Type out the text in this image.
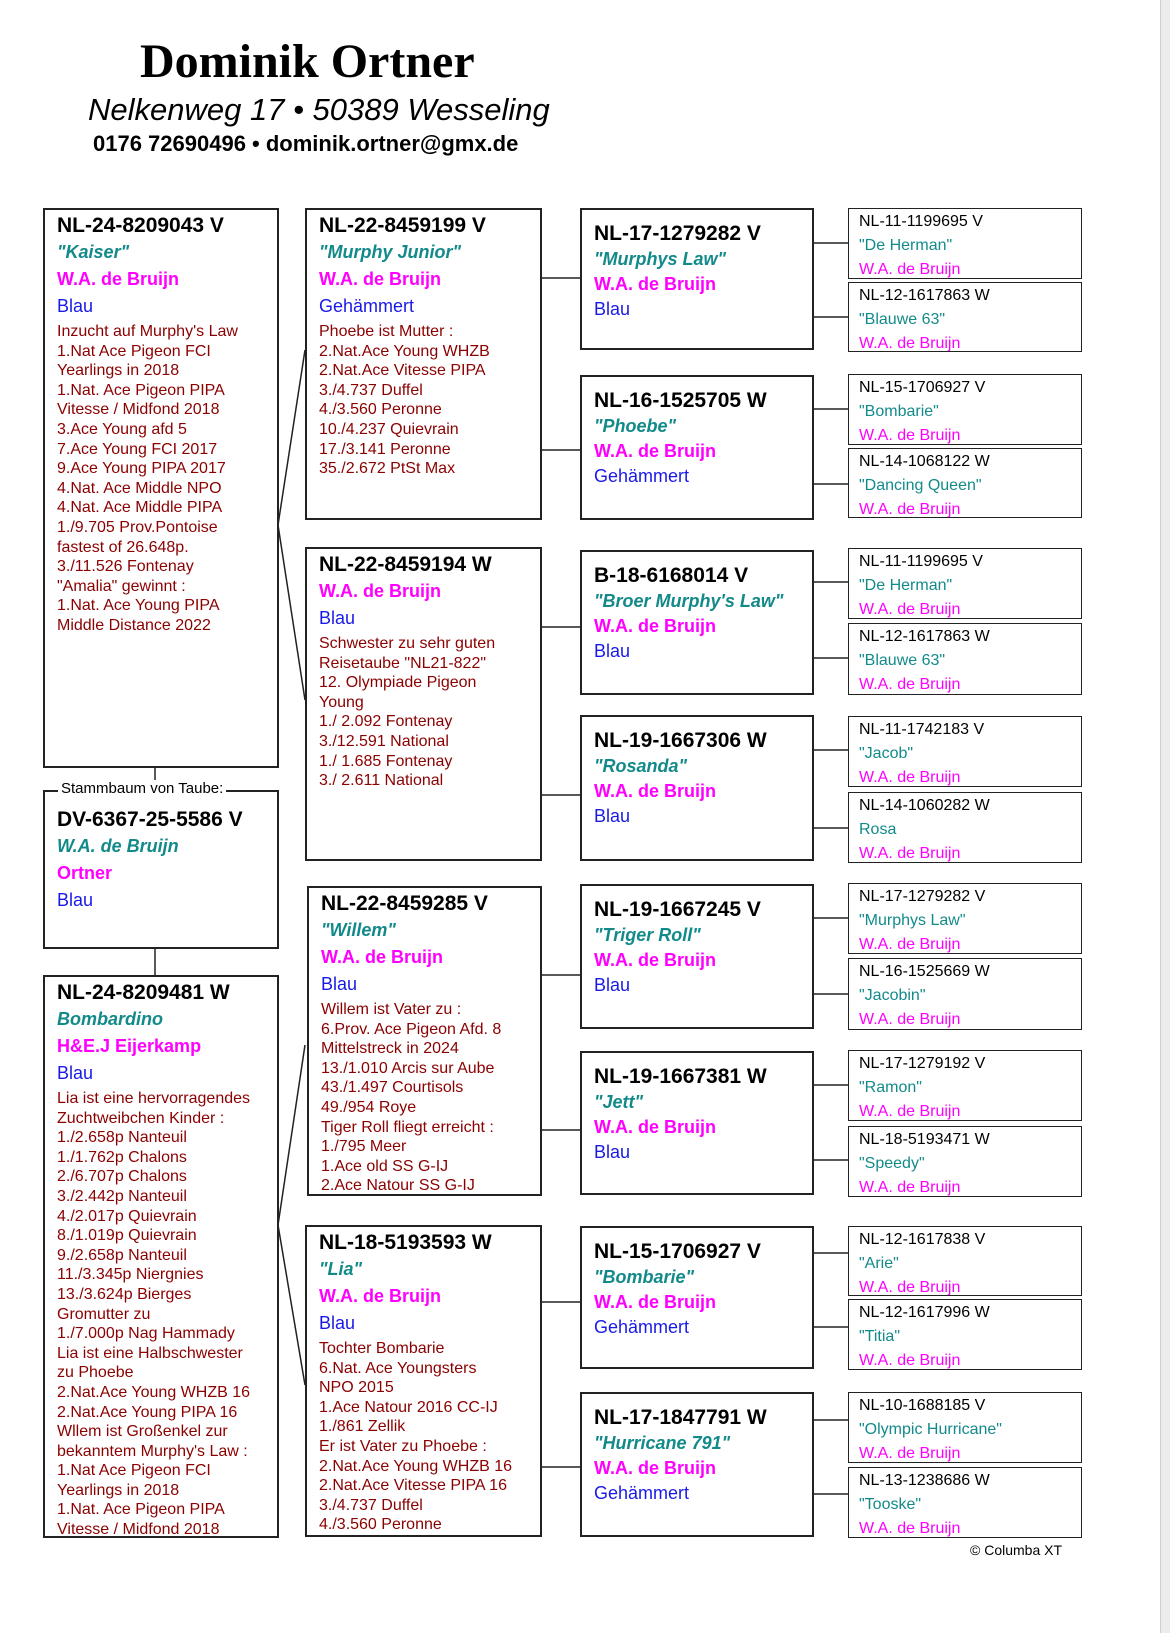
Dominik Ortner
Nelkenweg 17 • 50389 Wesseling
0176 72690496 • dominik.ortner@gmx.de
NL-24-8209043 V
"Kaiser"
W.A. de Bruijn
Blau
Inzucht auf Murphy's Law
1.Nat Ace Pigeon FCI
Yearlings in 2018
1.Nat. Ace Pigeon PIPA
Vitesse / Midfond 2018
3.Ace Young afd 5
7.Ace Young FCI 2017
9.Ace Young PIPA 2017
4.Nat. Ace Middle NPO
4.Nat. Ace Middle PIPA
1./9.705 Prov.Pontoise
fastest of 26.648p.
3./11.526 Fontenay
"Amalia" gewinnt :
1.Nat. Ace Young PIPA
Middle Distance 2022
DV-6367-25-5586 V
W.A. de Bruijn
Ortner
Blau
Stammbaum von Taube:
NL-24-8209481 W
Bombardino
H&E.J Eijerkamp
Blau
Lia ist eine hervorragendes
Zuchtweibchen Kinder :
1./2.658p Nanteuil
1./1.762p Chalons
2./6.707p Chalons
3./2.442p Nanteuil
4./2.017p Quievrain
8./1.019p Quievrain
9./2.658p Nanteuil
11./3.345p Niergnies
13./3.624p Bierges
Gromutter zu
1./7.000p Nag Hammady
Lia ist eine Halbschwester
zu Phoebe
2.Nat.Ace Young WHZB 16
2.Nat.Ace Young PIPA 16
Wllem ist Großenkel zur
bekanntem Murphy's Law :
1.Nat Ace Pigeon FCI
Yearlings in 2018
1.Nat. Ace Pigeon PIPA
Vitesse / Midfond 2018
NL-22-8459199 V
"Murphy Junior"
W.A. de Bruijn
Gehämmert
Phoebe ist Mutter :
2.Nat.Ace Young WHZB
2.Nat.Ace Vitesse PIPA
3./4.737 Duffel
4./3.560 Peronne
10./4.237 Quievrain
17./3.141 Peronne
35./2.672 PtSt Max
NL-22-8459194 W
W.A. de Bruijn
Blau
Schwester zu sehr guten
Reisetaube "NL21-822"
12. Olympiade Pigeon
Young
1./ 2.092 Fontenay
3./12.591 National
1./ 1.685 Fontenay
3./ 2.611 National
NL-22-8459285 V
"Willem"
W.A. de Bruijn
Blau
Willem ist Vater zu :
6.Prov. Ace Pigeon Afd. 8
Mittelstreck in 2024
13./1.010 Arcis sur Aube
43./1.497 Courtisols
49./954 Roye
Tiger Roll fliegt erreicht :
1./795 Meer
1.Ace old SS G-IJ
2.Ace Natour SS G-IJ
NL-18-5193593 W
"Lia"
W.A. de Bruijn
Blau
Tochter Bombarie
6.Nat. Ace Youngsters
NPO 2015
1.Ace Natour 2016 CC-IJ
1./861 Zellik
Er ist Vater zu Phoebe :
2.Nat.Ace Young WHZB 16
2.Nat.Ace Vitesse PIPA 16
3./4.737 Duffel
4./3.560 Peronne
NL-17-1279282 V
"Murphys Law"
W.A. de Bruijn
Blau
NL-16-1525705 W
"Phoebe"
W.A. de Bruijn
Gehämmert
B-18-6168014 V
"Broer Murphy's Law"
W.A. de Bruijn
Blau
NL-19-1667306 W
"Rosanda"
W.A. de Bruijn
Blau
NL-19-1667245 V
"Triger Roll"
W.A. de Bruijn
Blau
NL-19-1667381 W
"Jett"
W.A. de Bruijn
Blau
NL-15-1706927 V
"Bombarie"
W.A. de Bruijn
Gehämmert
NL-17-1847791 W
"Hurricane 791"
W.A. de Bruijn
Gehämmert
NL-11-1199695 V
"De Herman"
W.A. de Bruijn
NL-12-1617863 W
"Blauwe 63"
W.A. de Bruijn
NL-15-1706927 V
"Bombarie"
W.A. de Bruijn
NL-14-1068122 W
"Dancing Queen"
W.A. de Bruijn
NL-11-1199695 V
"De Herman"
W.A. de Bruijn
NL-12-1617863 W
"Blauwe 63"
W.A. de Bruijn
NL-11-1742183 V
"Jacob"
W.A. de Bruijn
NL-14-1060282 W
Rosa
W.A. de Bruijn
NL-17-1279282 V
"Murphys Law"
W.A. de Bruijn
NL-16-1525669 W
"Jacobin"
W.A. de Bruijn
NL-17-1279192 V
"Ramon"
W.A. de Bruijn
NL-18-5193471 W
"Speedy"
W.A. de Bruijn
NL-12-1617838 V
"Arie"
W.A. de Bruijn
NL-12-1617996 W
"Titia"
W.A. de Bruijn
NL-10-1688185 V
"Olympic Hurricane"
W.A. de Bruijn
NL-13-1238686 W
"Tooske"
W.A. de Bruijn
© Columba XT
